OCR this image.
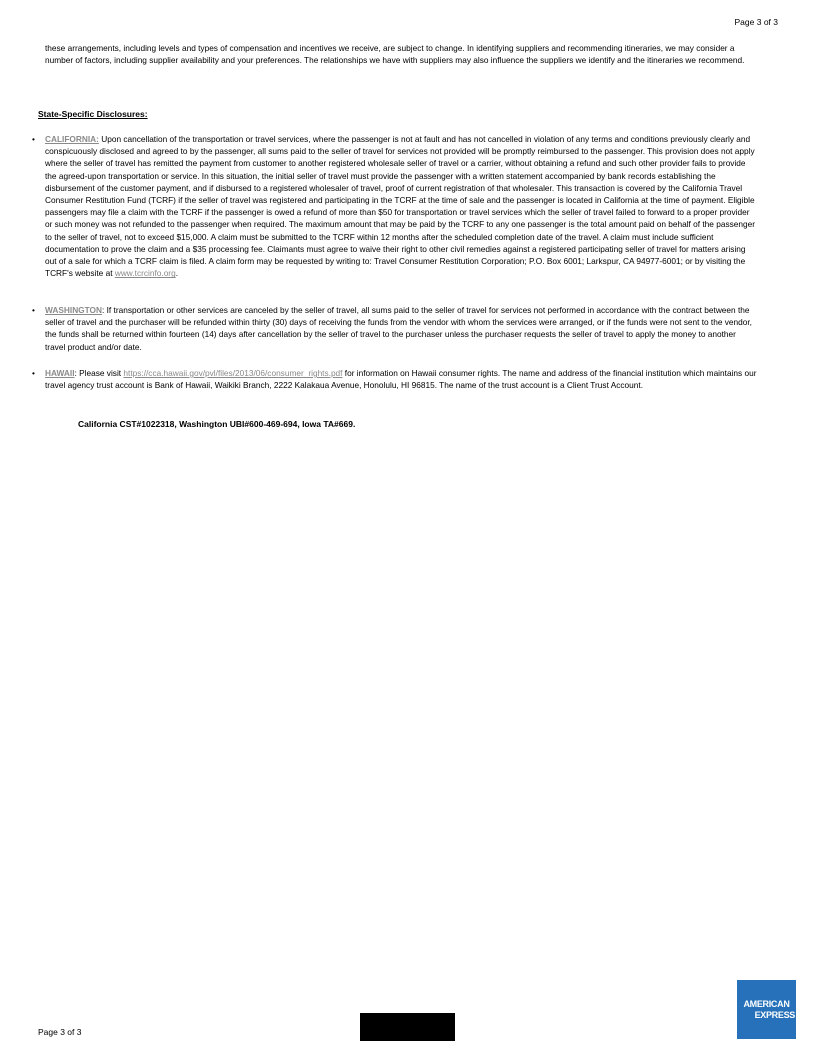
Page 3 of 3
these arrangements, including levels and types of compensation and incentives we receive, are subject to change. In identifying suppliers and recommending itineraries, we may consider a number of factors, including supplier availability and your preferences. The relationships we have with suppliers may also influence the suppliers we identify and the itineraries we recommend.
State-Specific Disclosures:
• CALIFORNIA: Upon cancellation of the transportation or travel services, where the passenger is not at fault and has not cancelled in violation of any terms and conditions previously clearly and conspicuously disclosed and agreed to by the passenger, all sums paid to the seller of travel for services not provided will be promptly reimbursed to the passenger. This provision does not apply where the seller of travel has remitted the payment from customer to another registered wholesale seller of travel or a carrier, without obtaining a refund and such other provider fails to provide the agreed-upon transportation or service. In this situation, the initial seller of travel must provide the passenger with a written statement accompanied by bank records establishing the disbursement of the customer payment, and if disbursed to a registered wholesaler of travel, proof of current registration of that wholesaler. This transaction is covered by the California Travel Consumer Restitution Fund (TCRF) if the seller of travel was registered and participating in the TCRF at the time of sale and the passenger is located in California at the time of payment. Eligible passengers may file a claim with the TCRF if the passenger is owed a refund of more than $50 for transportation or travel services which the seller of travel failed to forward to a proper provider or such money was not refunded to the passenger when required. The maximum amount that may be paid by the TCRF to any one passenger is the total amount paid on behalf of the passenger to the seller of travel, not to exceed $15,000. A claim must be submitted to the TCRF within 12 months after the scheduled completion date of the travel. A claim must include sufficient documentation to prove the claim and a $35 processing fee. Claimants must agree to waive their right to other civil remedies against a registered participating seller of travel for matters arising out of a sale for which a TCRF claim is filed. A claim form may be requested by writing to: Travel Consumer Restitution Corporation; P.O. Box 6001; Larkspur, CA 94977-6001; or by visiting the TCRF's website at www.tcrcinfo.org.
• WASHINGTON: If transportation or other services are canceled by the seller of travel, all sums paid to the seller of travel for services not performed in accordance with the contract between the seller of travel and the purchaser will be refunded within thirty (30) days of receiving the funds from the vendor with whom the services were arranged, or if the funds were not sent to the vendor, the funds shall be returned within fourteen (14) days after cancellation by the seller of travel to the purchaser unless the purchaser requests the seller of travel to apply the money to another travel product and/or date.
• HAWAII: Please visit https://cca.hawaii.gov/pvl/files/2013/06/consumer_rights.pdf for information on Hawaii consumer rights. The name and address of the financial institution which maintains our travel agency trust account is Bank of Hawaii, Waikiki Branch, 2222 Kalakaua Avenue, Honolulu, HI 96815. The name of the trust account is a Client Trust Account.
California CST#1022318, Washington UBI#600-469-694, Iowa TA#669.
Page 3 of 3
AMERICAN
EXPRESS
